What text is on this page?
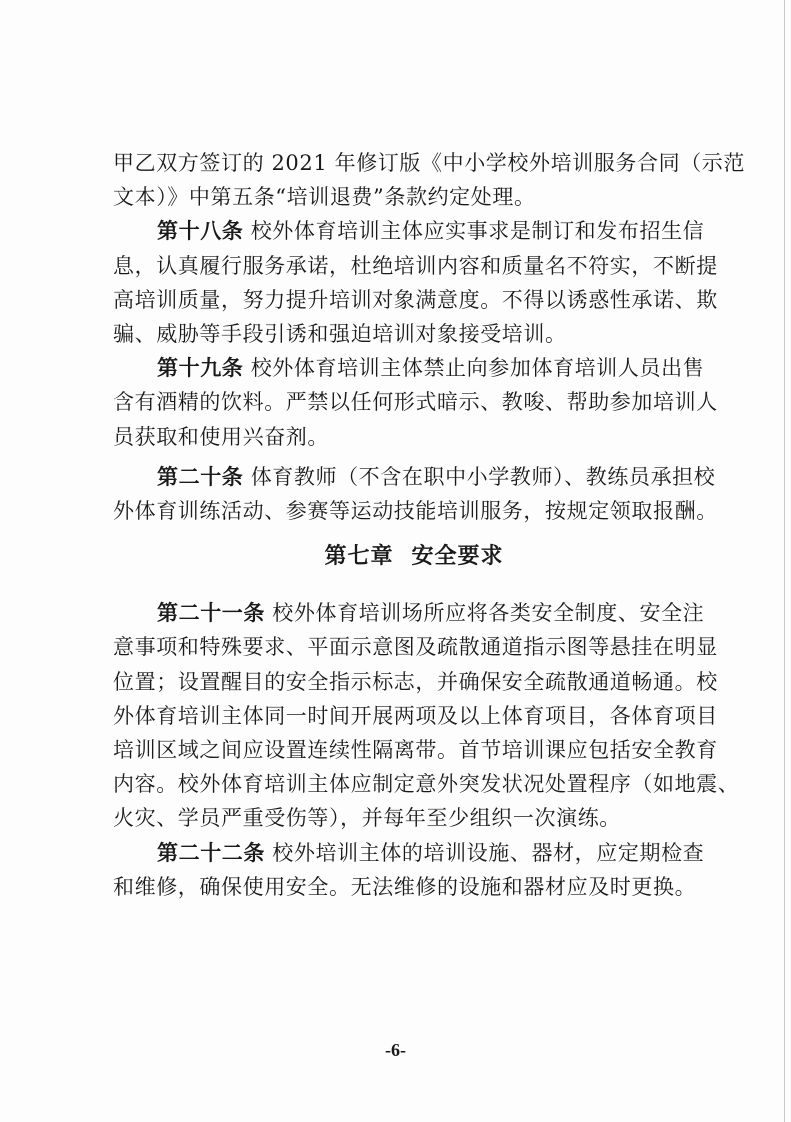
甲乙双方签订的 2021 年修订版《中小学校外培训服务合同（示范
文本）》中第五条“培训退费”条款约定处理。
第十八条 校外体育培训主体应实事求是制订和发布招生信
息，认真履行服务承诺，杜绝培训内容和质量名不符实，不断提
高培训质量，努力提升培训对象满意度。不得以诱惑性承诺、欺
骗、威胁等手段引诱和强迫培训对象接受培训。
第十九条 校外体育培训主体禁止向参加体育培训人员出售
含有酒精的饮料。严禁以任何形式暗示、教唆、帮助参加培训人
员获取和使用兴奋剂。
第二十条 体育教师（不含在职中小学教师）、教练员承担校
外体育训练活动、参赛等运动技能培训服务，按规定领取报酬。
第七章 安全要求
第二十一条 校外体育培训场所应将各类安全制度、安全注
意事项和特殊要求、平面示意图及疏散通道指示图等悬挂在明显
位置；设置醒目的安全指示标志，并确保安全疏散通道畅通。校
外体育培训主体同一时间开展两项及以上体育项目，各体育项目
培训区域之间应设置连续性隔离带。首节培训课应包括安全教育
内容。校外体育培训主体应制定意外突发状况处置程序（如地震、
火灾、学员严重受伤等），并每年至少组织一次演练。
第二十二条 校外培训主体的培训设施、器材，应定期检查
和维修，确保使用安全。无法维修的设施和器材应及时更换。
-6-
